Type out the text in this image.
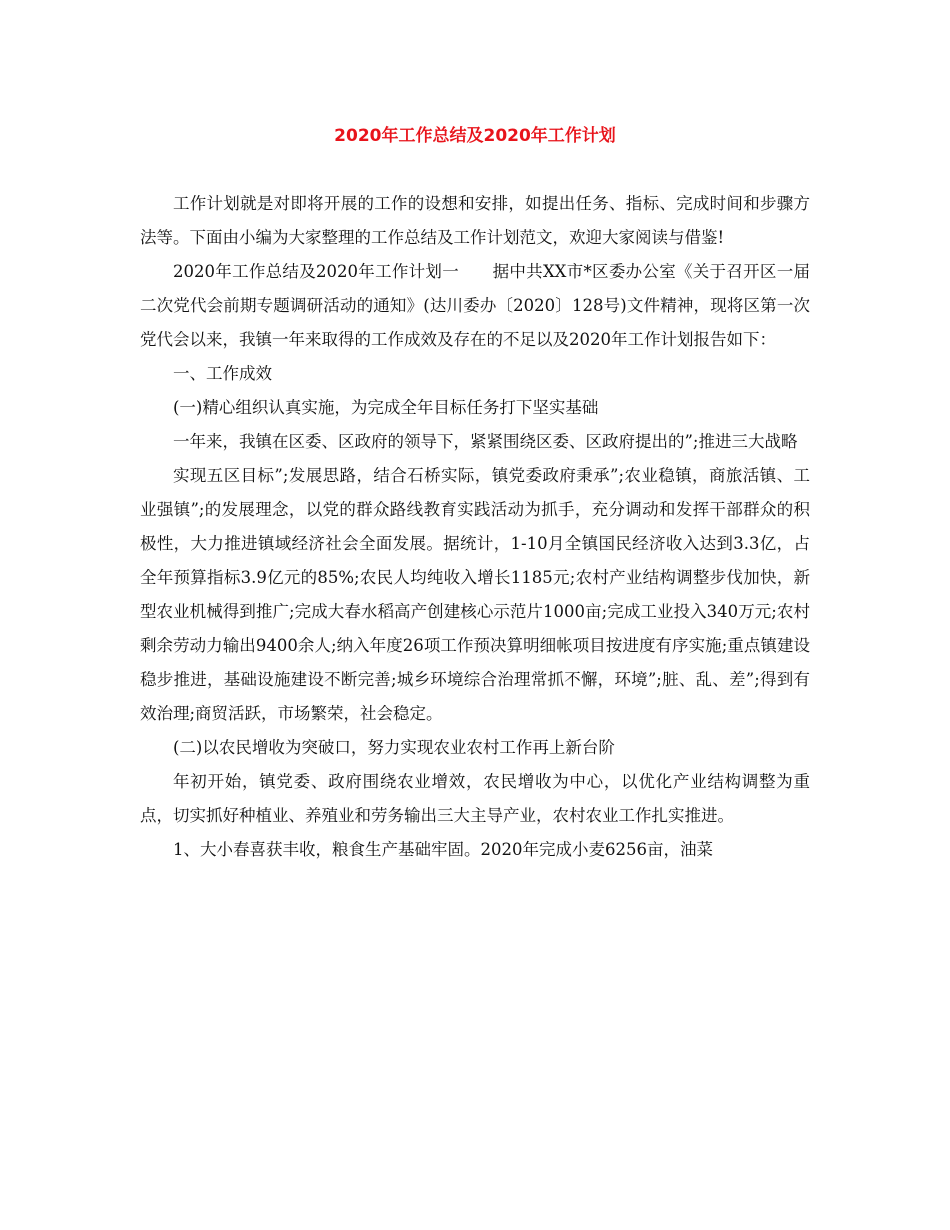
2020年工作总结及2020年工作计划

工作计划就是对即将开展的工作的设想和安排，如提出任务、指标、完成时间和步骤方法等。下面由小编为大家整理的工作总结及工作计划范文，欢迎大家阅读与借鉴!

2020年工作总结及2020年工作计划一　　据中共XX市*区委办公室《关于召开区一届二次党代会前期专题调研活动的通知》(达川委办〔2020〕128号)文件精神，现将区第一次党代会以来，我镇一年来取得的工作成效及存在的不足以及2020年工作计划报告如下：

一、工作成效

(一)精心组织认真实施，为完成全年目标任务打下坚实基础

一年来，我镇在区委、区政府的领导下，紧紧围绕区委、区政府提出的”;推进三大战略

实现五区目标”;发展思路，结合石桥实际，镇党委政府秉承”;农业稳镇，商旅活镇、工业强镇”;的发展理念，以党的群众路线教育实践活动为抓手，充分调动和发挥干部群众的积极性，大力推进镇域经济社会全面发展。据统计，1-10月全镇国民经济收入达到3.3亿，占全年预算指标3.9亿元的85%;农民人均纯收入增长1185元;农村产业结构调整步伐加快，新型农业机械得到推广;完成大春水稻高产创建核心示范片1000亩;完成工业投入340万元;农村剩余劳动力输出9400余人;纳入年度26项工作预决算明细帐项目按进度有序实施;重点镇建设稳步推进，基础设施建设不断完善;城乡环境综合治理常抓不懈，环境”;脏、乱、差”;得到有效治理;商贸活跃，市场繁荣，社会稳定。

(二)以农民增收为突破口，努力实现农业农村工作再上新台阶

年初开始，镇党委、政府围绕农业增效，农民增收为中心，以优化产业结构调整为重点，切实抓好种植业、养殖业和劳务输出三大主导产业，农村农业工作扎实推进。

1、大小春喜获丰收，粮食生产基础牢固。2020年完成小麦6256亩，油菜
